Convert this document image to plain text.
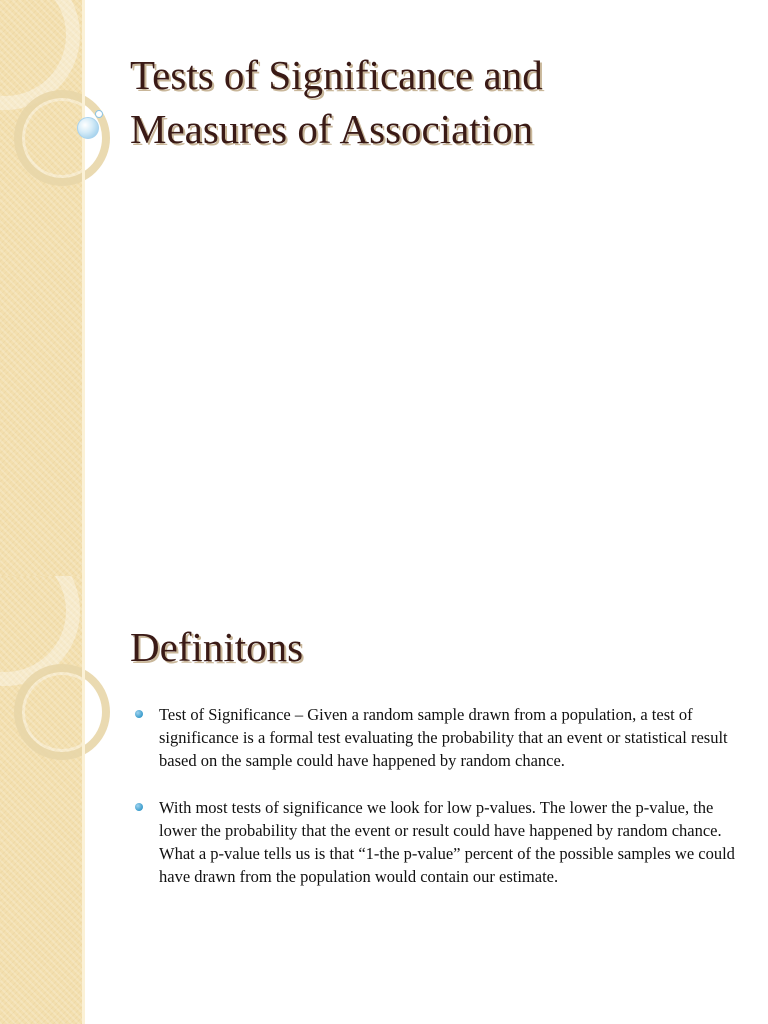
Tests of Significance and
Measures of Association
Definitons
Test of Significance – Given a random sample drawn from a population, a test of significance is a formal test evaluating the probability that an event or statistical result based on the sample could have happened by random chance.
With most tests of significance we look for low p-values. The lower the p-value, the lower the probability that the event or result could have happened by random chance. What a p-value tells us is that “1-the p-value” percent of the possible samples we could have drawn from the population would contain our estimate.
